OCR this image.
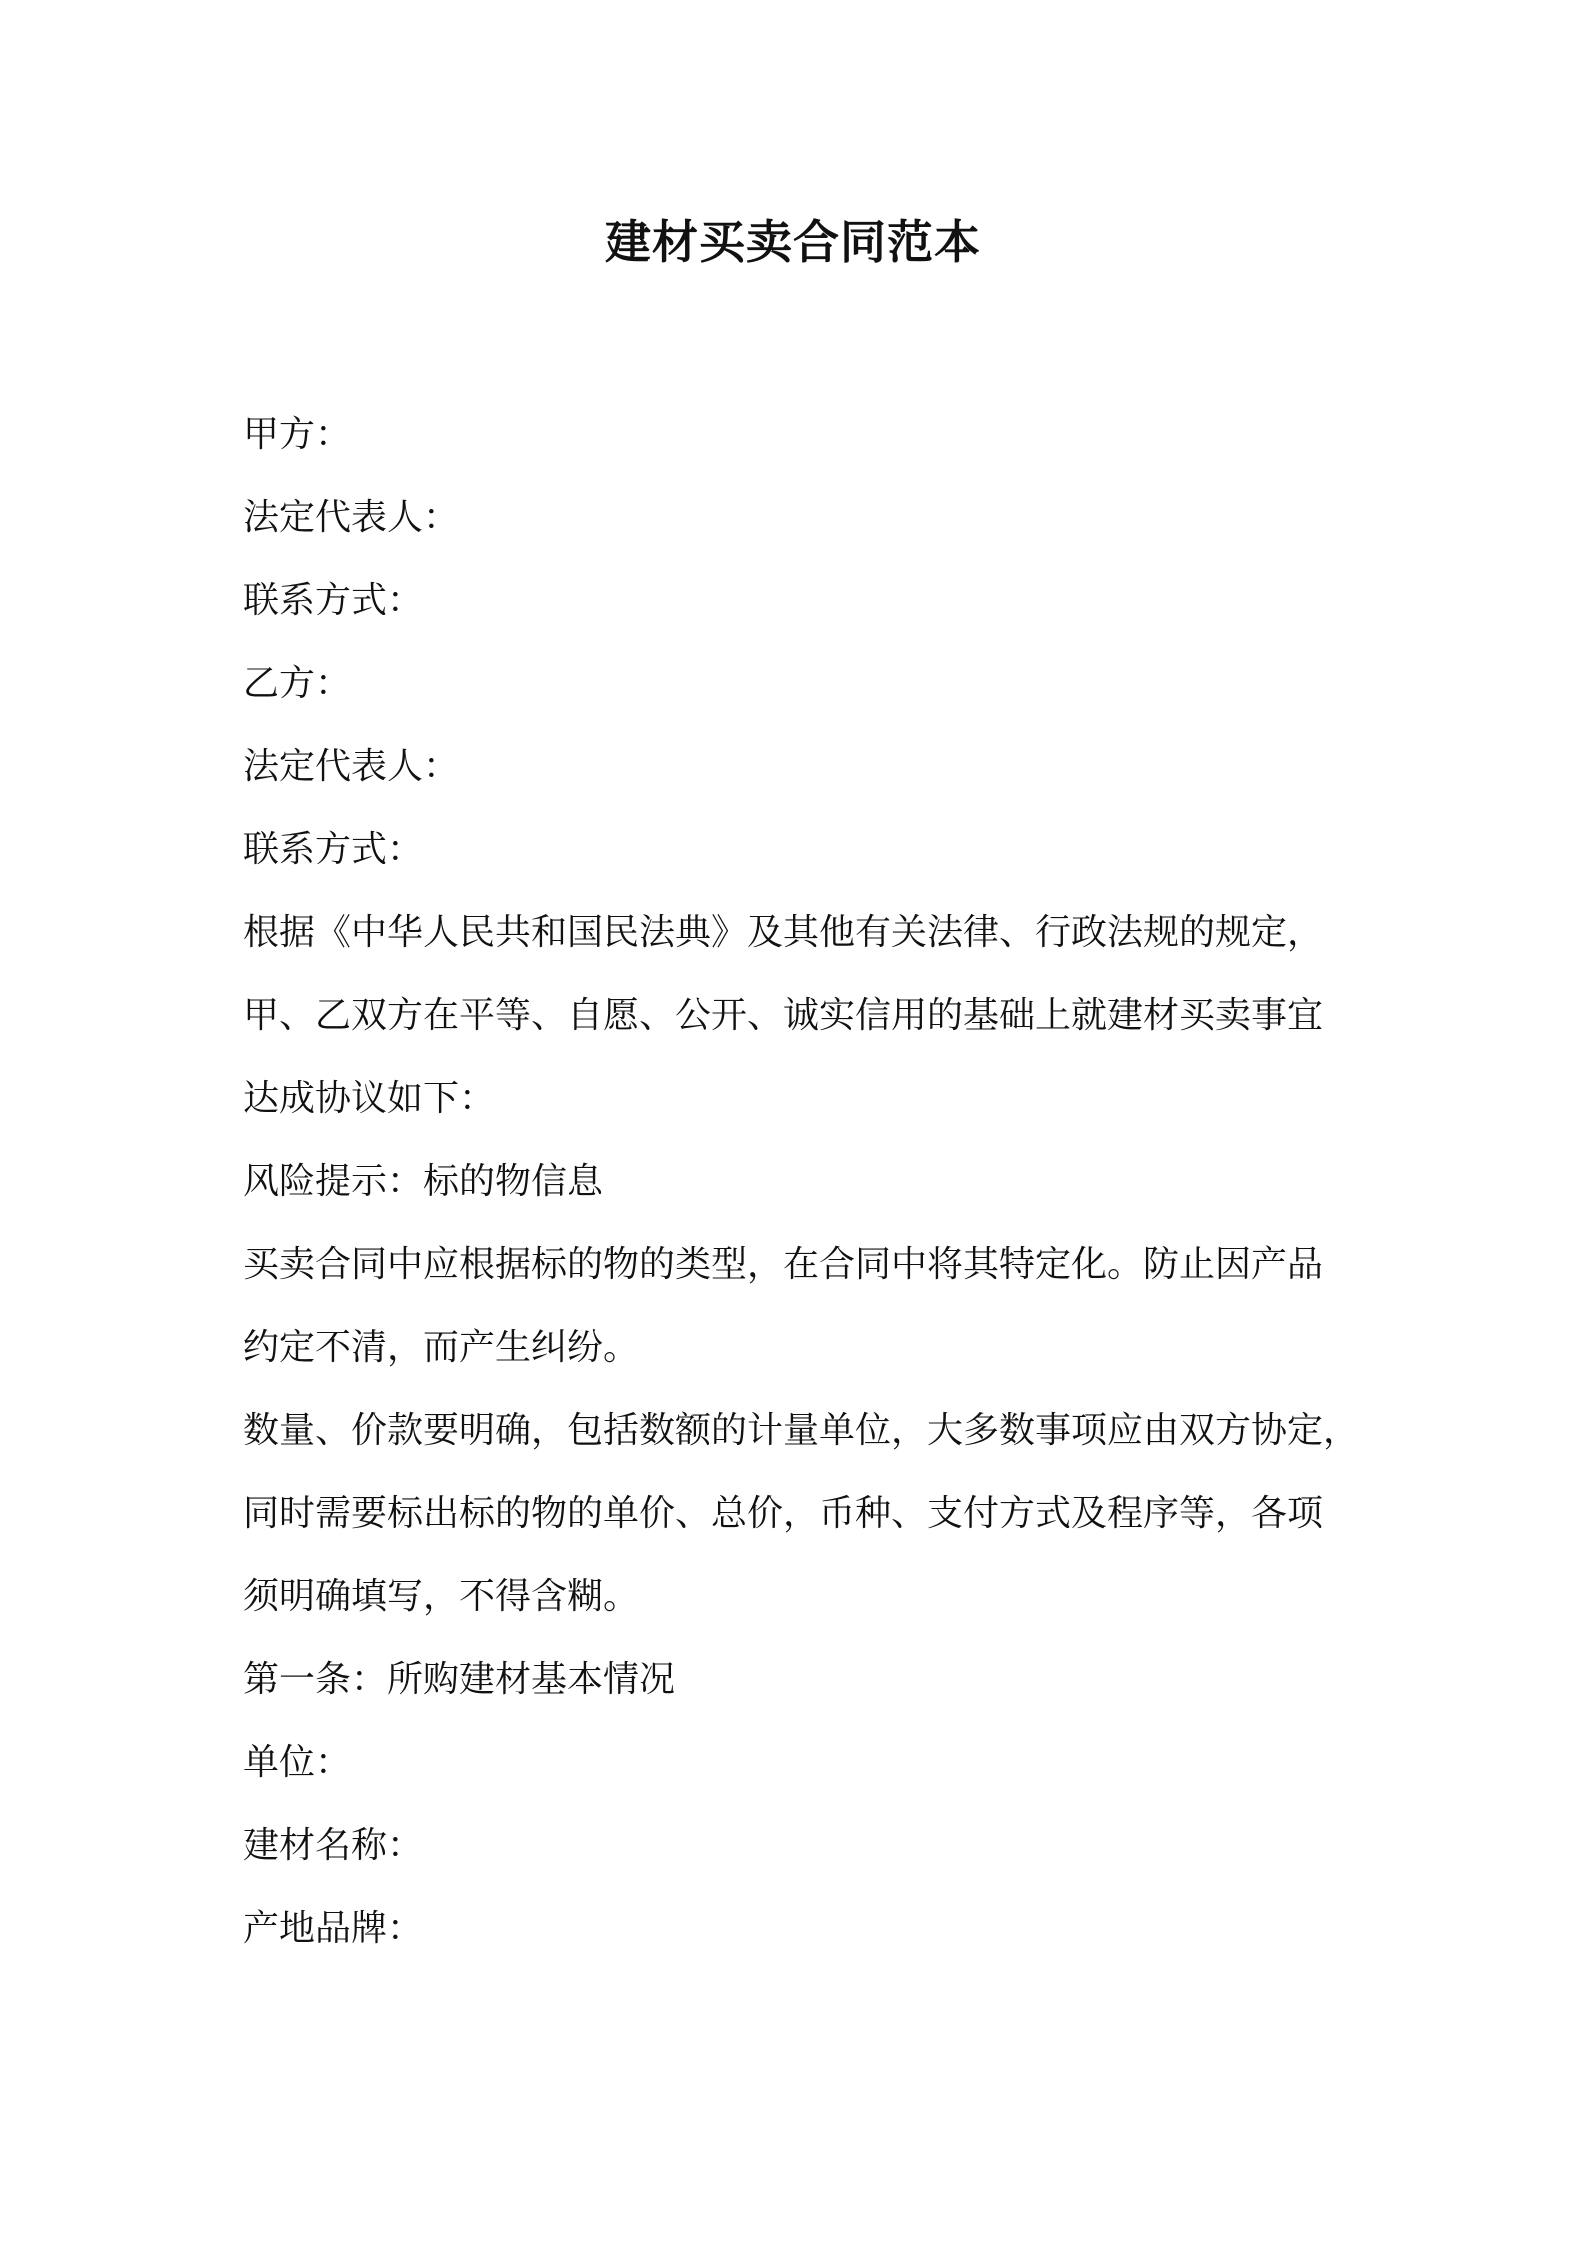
建材买卖合同范本
甲方：
法定代表人：
联系方式：
乙方：
法定代表人：
联系方式：
根据《中华人民共和国民法典》及其他有关法律、行政法规的规定，
甲、乙双方在平等、自愿、公开、诚实信用的基础上就建材买卖事宜
达成协议如下：
风险提示：标的物信息
买卖合同中应根据标的物的类型，在合同中将其特定化。防止因产品
约定不清，而产生纠纷。
数量、价款要明确，包括数额的计量单位，大多数事项应由双方协定，
同时需要标出标的物的单价、总价，币种、支付方式及程序等，各项
须明确填写，不得含糊。
第一条：所购建材基本情况
单位：
建材名称：
产地品牌：
